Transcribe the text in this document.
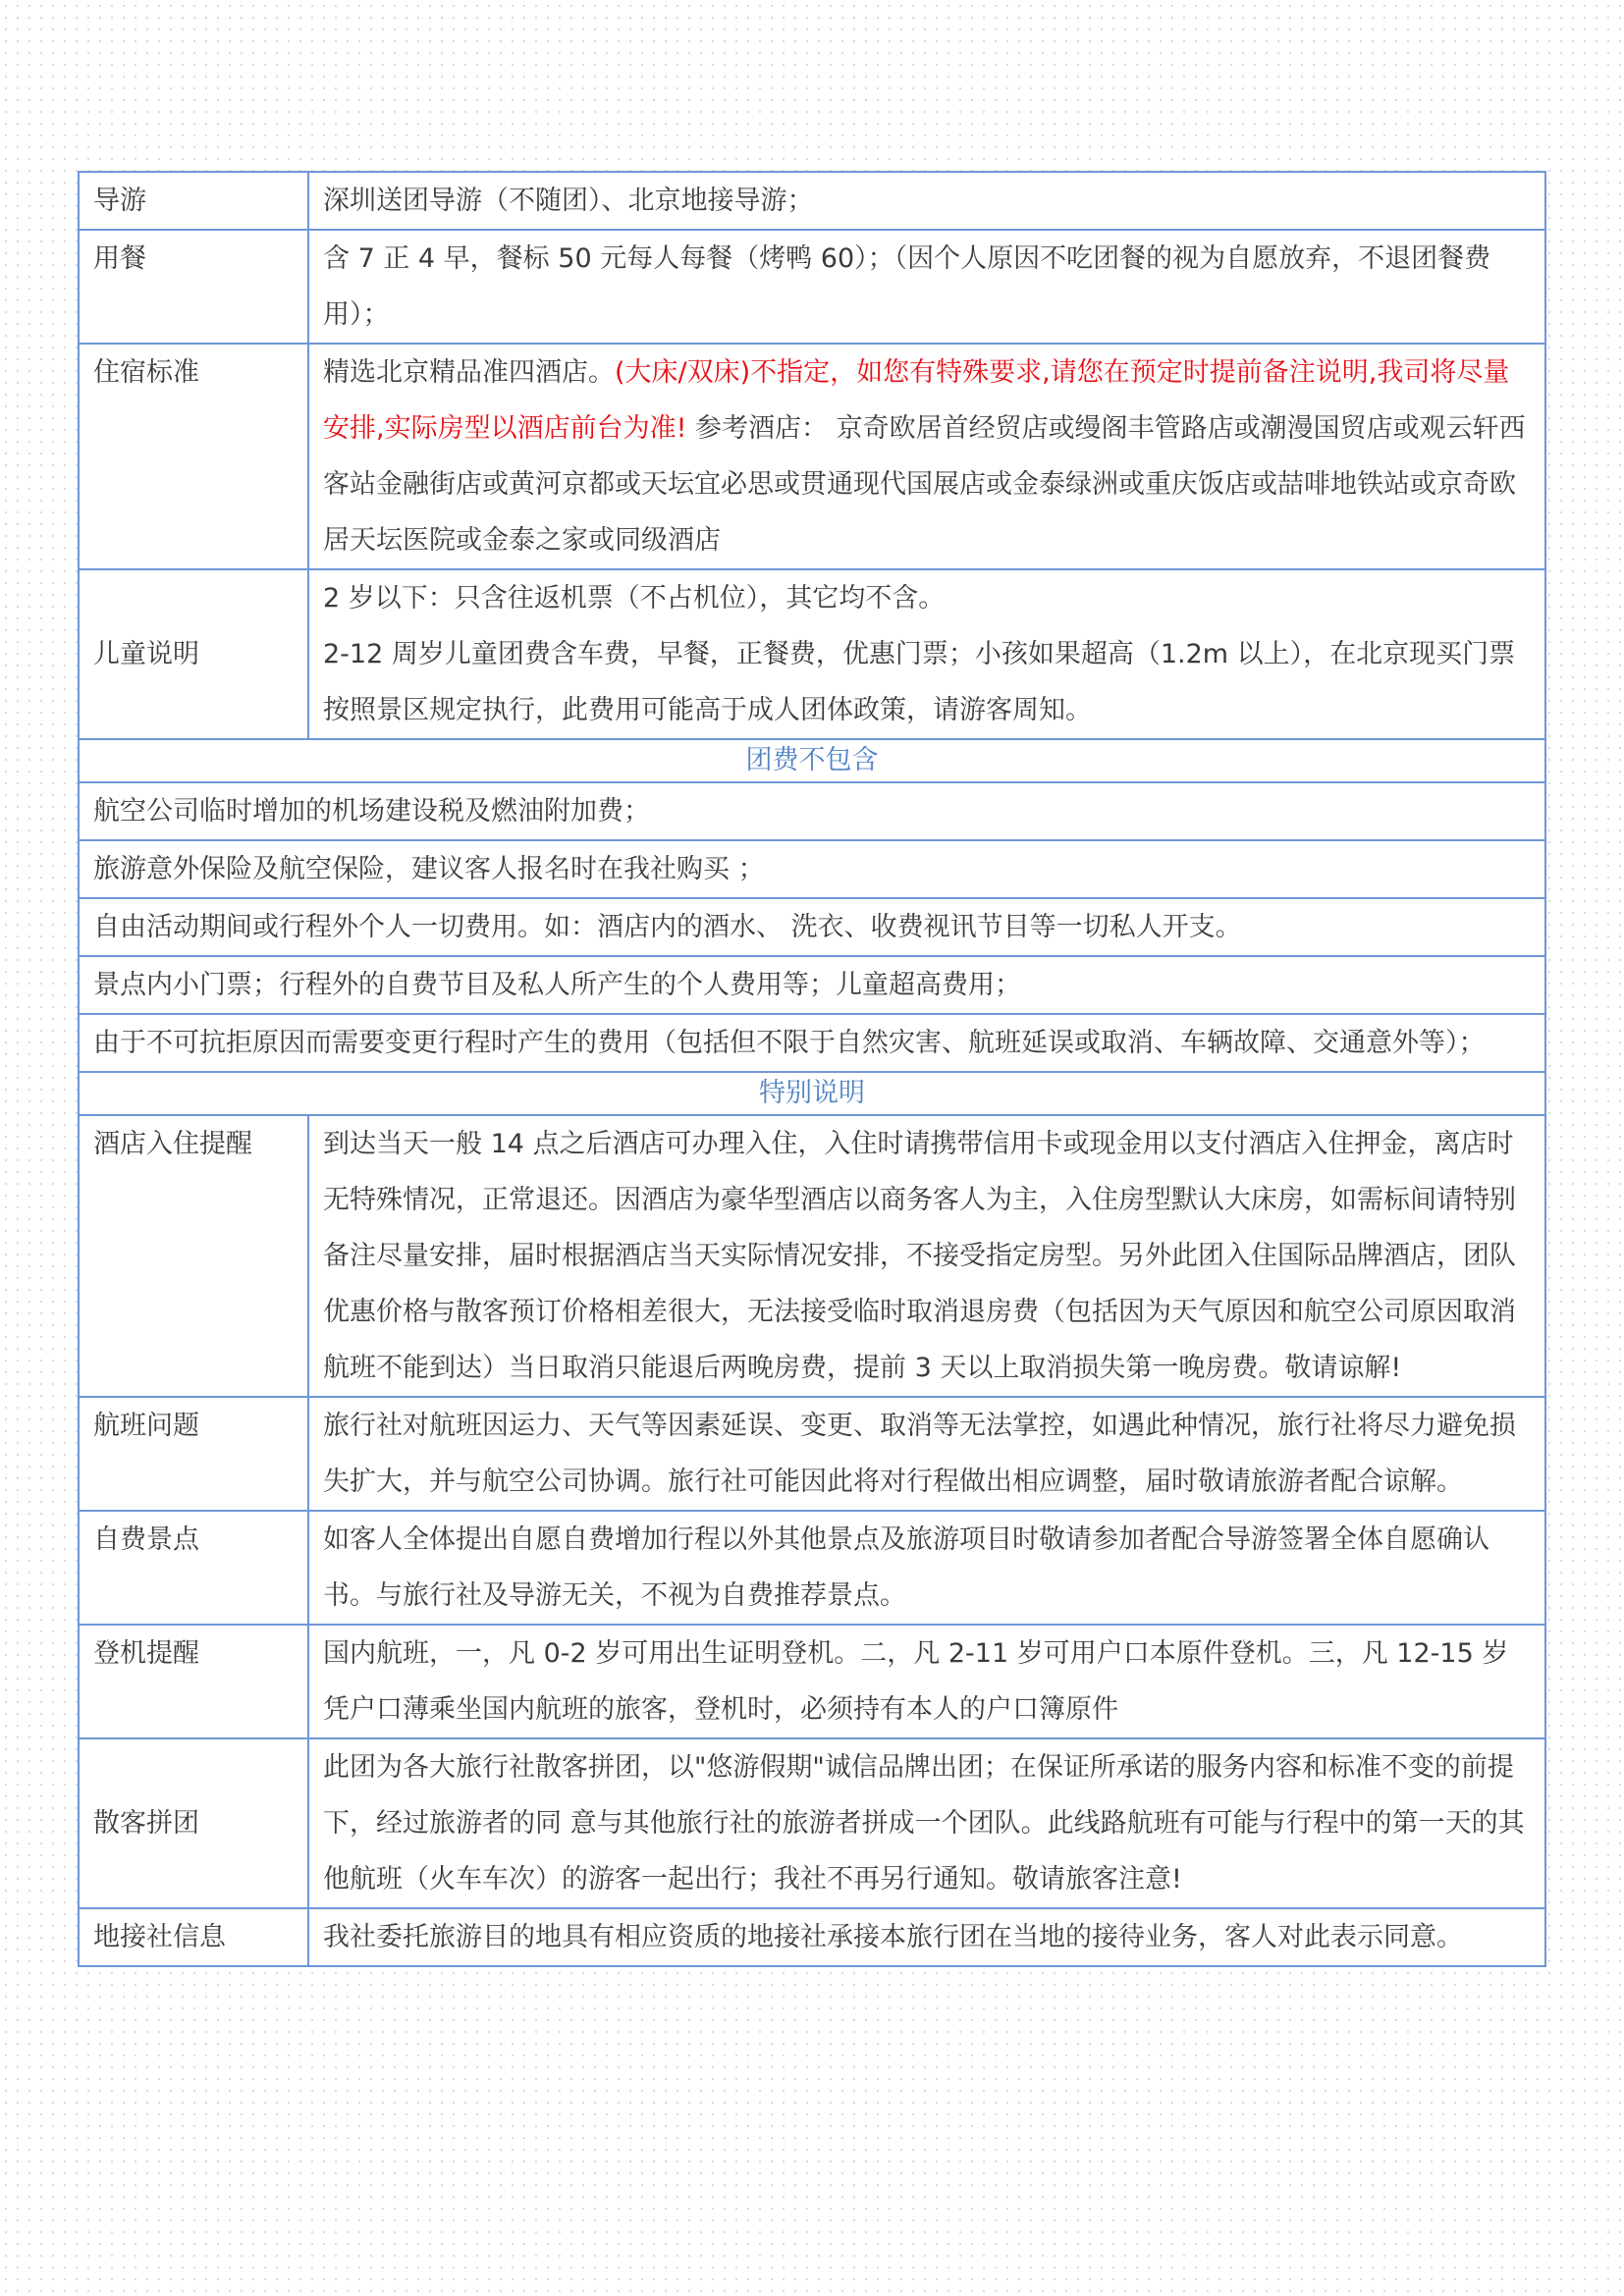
导游	深圳送团导游（不随团）、北京地接导游；
用餐	含 7 正 4 早，餐标 50 元每人每餐（烤鸭 60）；（因个人原因不吃团餐的视为自愿放弃，不退团餐费用）；
住宿标准	精选北京精品准四酒店。(大床/双床)不指定，如您有特殊要求,请您在预定时提前备注说明,我司将尽量安排,实际房型以酒店前台为准! 参考酒店： 京奇欧居首经贸店或缦阁丰管路店或潮漫国贸店或观云轩西客站金融街店或黄河京都或天坛宜必思或贯通现代国展店或金泰绿洲或重庆饭店或喆啡地铁站或京奇欧居天坛医院或金泰之家或同级酒店
儿童说明	2 岁以下：只含往返机票（不占机位），其它均不含。
2-12 周岁儿童团费含车费，早餐，正餐费，优惠门票；小孩如果超高（1.2m 以上），在北京现买门票按照景区规定执行，此费用可能高于成人团体政策，请游客周知。

团费不包含	
航空公司临时增加的机场建设税及燃油附加费；	
旅游意外保险及航空保险，建议客人报名时在我社购买 ；	
自由活动期间或行程外个人一切费用。如：酒店内的酒水、 洗衣、收费视讯节目等一切私人开支。	
景点内小门票；行程外的自费节目及私人所产生的个人费用等；儿童超高费用；	
由于不可抗拒原因而需要变更行程时产生的费用（包括但不限于自然灾害、航班延误或取消、车辆故障、交通意外等）；	
特别说明	
酒店入住提醒	到达当天一般 14 点之后酒店可办理入住，入住时请携带信用卡或现金用以支付酒店入住押金，离店时无特殊情况，正常退还。因酒店为豪华型酒店以商务客人为主，入住房型默认大床房，如需标间请特别备注尽量安排，届时根据酒店当天实际情况安排，不接受指定房型。另外此团入住国际品牌酒店，团队优惠价格与散客预订价格相差很大，无法接受临时取消退房费（包括因为天气原因和航空公司原因取消航班不能到达）当日取消只能退后两晚房费，提前 3 天以上取消损失第一晚房费。敬请谅解!
航班问题	旅行社对航班因运力、天气等因素延误、变更、取消等无法掌控，如遇此种情况，旅行社将尽力避免损失扩大，并与航空公司协调。旅行社可能因此将对行程做出相应调整，届时敬请旅游者配合谅解。
自费景点	如客人全体提出自愿自费增加行程以外其他景点及旅游项目时敬请参加者配合导游签署全体自愿确认书。与旅行社及导游无关，不视为自费推荐景点。
登机提醒	国内航班，一，凡 0-2 岁可用出生证明登机。二，凡 2-11 岁可用户口本原件登机。三，凡 12-15 岁凭户口薄乘坐国内航班的旅客，登机时，必须持有本人的户口簿原件
散客拼团	此团为各大旅行社散客拼团，以"悠游假期"诚信品牌出团；在保证所承诺的服务内容和标准不变的前提下，经过旅游者的同 意与其他旅行社的旅游者拼成一个团队。此线路航班有可能与行程中的第一天的其他航班（火车车次）的游客一起出行；我社不再另行通知。敬请旅客注意!
地接社信息	我社委托旅游目的地具有相应资质的地接社承接本旅行团在当地的接待业务，客人对此表示同意。
